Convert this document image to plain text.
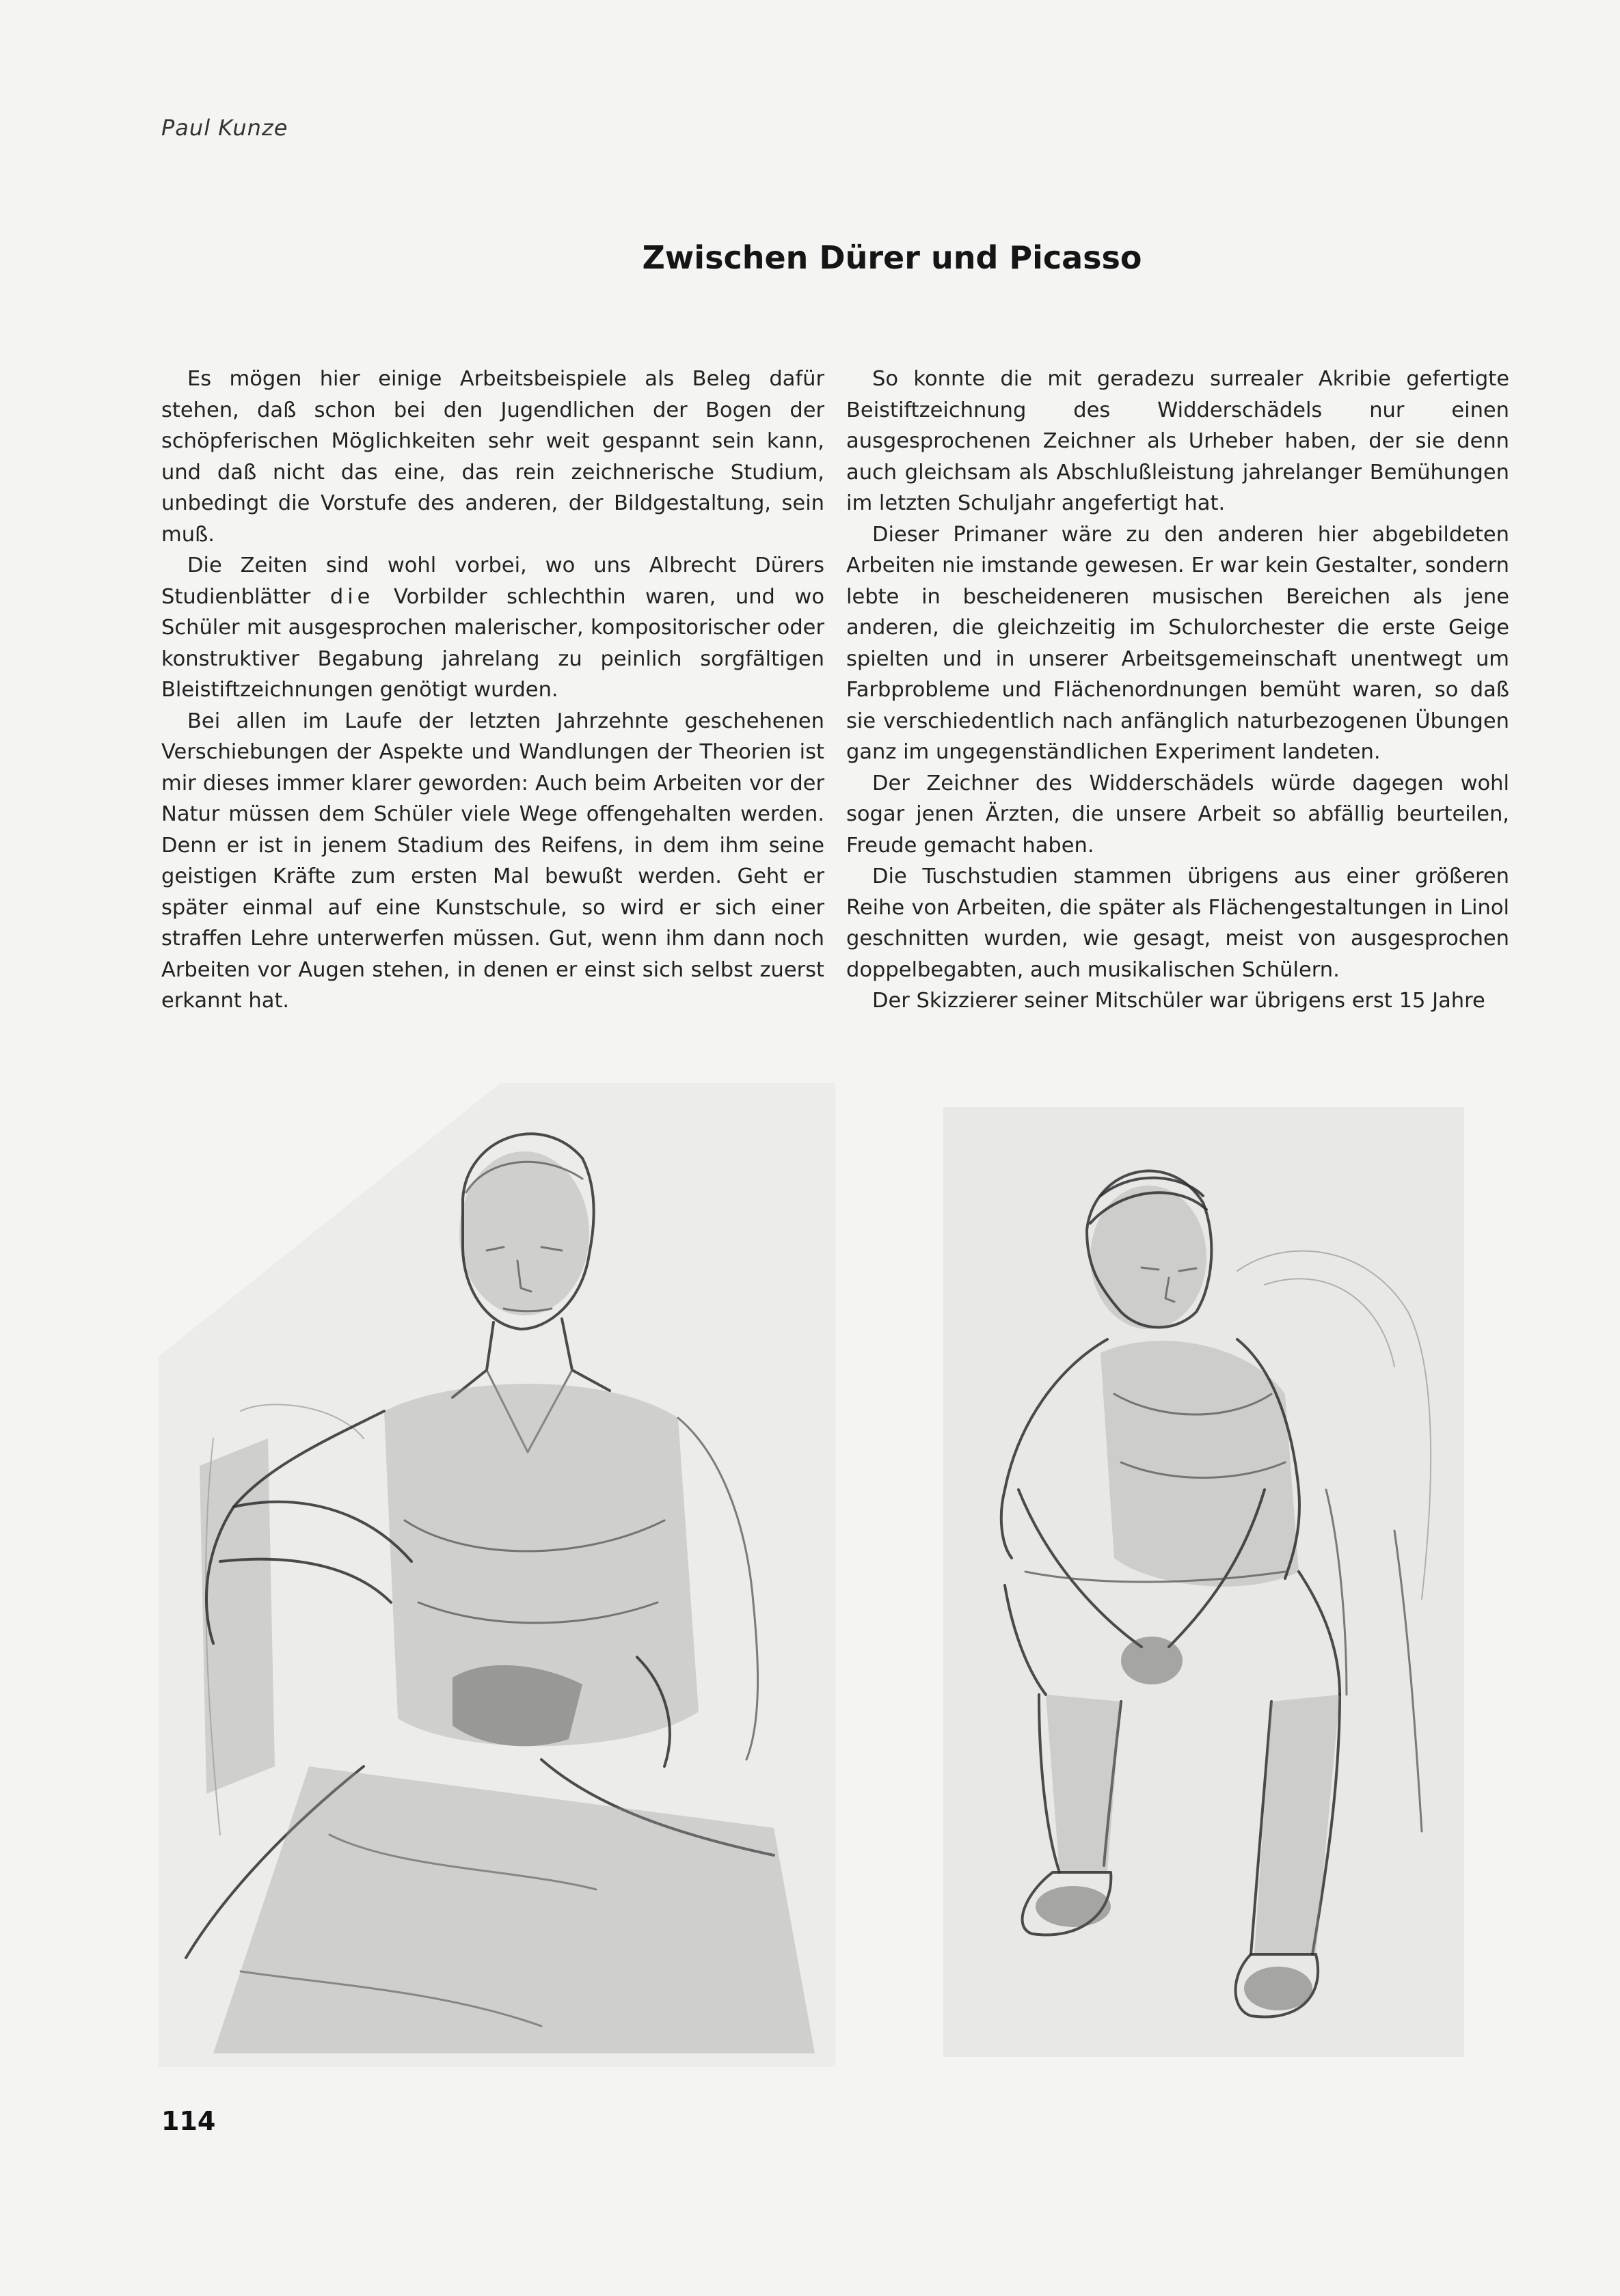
Paul Kunze
Zwischen Dürer und Picasso

Es mögen hier einige Arbeitsbeispiele als Beleg dafür stehen, daß schon bei den Jugendlichen der Bogen der schöpferischen Möglichkeiten sehr weit gespannt sein kann, und daß nicht das eine, das rein zeichnerische Studium, unbedingt die Vorstufe des anderen, der Bildgestaltung, sein muß.

Die Zeiten sind wohl vorbei, wo uns Albrecht Dürers Studienblätter die Vorbilder schlechthin waren, und wo Schüler mit ausgesprochen malerischer, kompositorischer oder konstruktiver Begabung jahrelang zu peinlich sorgfältigen Bleistiftzeichnungen genötigt wurden.

Bei allen im Laufe der letzten Jahrzehnte geschehenen Verschiebungen der Aspekte und Wandlungen der Theorien ist mir dieses immer klarer geworden: Auch beim Arbeiten vor der Natur müssen dem Schüler viele Wege offengehalten werden. Denn er ist in jenem Stadium des Reifens, in dem ihm seine geistigen Kräfte zum ersten Mal bewußt werden. Geht er später einmal auf eine Kunstschule, so wird er sich einer straffen Lehre unterwerfen müssen. Gut, wenn ihm dann noch Arbeiten vor Augen stehen, in denen er einst sich selbst zuerst erkannt hat.

So konnte die mit geradezu surrealer Akribie gefertigte Beistiftzeichnung des Widderschädels nur einen ausgesprochenen Zeichner als Urheber haben, der sie denn auch gleichsam als Abschlußleistung jahrelanger Bemühungen im letzten Schuljahr angefertigt hat.

Dieser Primaner wäre zu den anderen hier abgebildeten Arbeiten nie imstande gewesen. Er war kein Gestalter, sondern lebte in bescheideneren musischen Bereichen als jene anderen, die gleichzeitig im Schulorchester die erste Geige spielten und in unserer Arbeitsgemeinschaft unentwegt um Farbprobleme und Flächenordnungen bemüht waren, so daß sie verschiedentlich nach anfänglich naturbezogenen Übungen ganz im ungegenständlichen Experiment landeten.

Der Zeichner des Widderschädels würde dagegen wohl sogar jenen Ärzten, die unsere Arbeit so abfällig beurteilen, Freude gemacht haben.

Die Tuschstudien stammen übrigens aus einer größeren Reihe von Arbeiten, die später als Flächengestaltungen in Linol geschnitten wurden, wie gesagt, meist von ausgesprochen doppelbegabten, auch musikalischen Schülern.

Der Skizzierer seiner Mitschüler war übrigens erst 15 Jahre

114
